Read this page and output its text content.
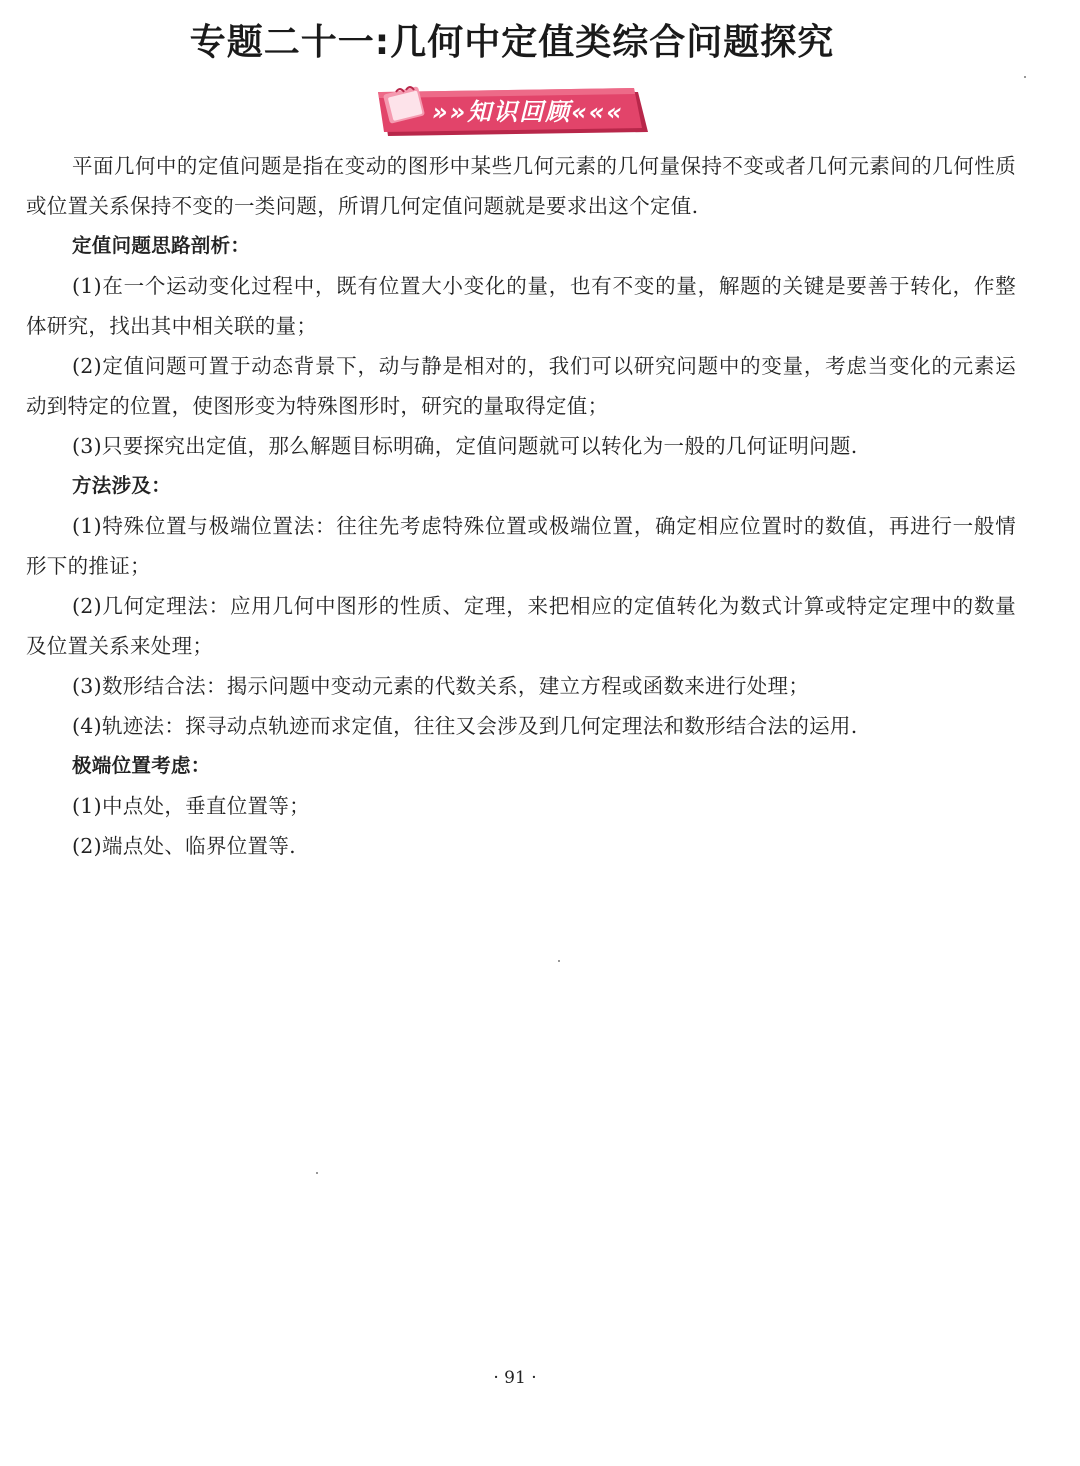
专题二十一:几何中定值类综合问题探究
»»知识回顾«««

平面几何中的定值问题是指在变动的图形中某些几何元素的几何量保持不变或者几何元素间的几何性质或位置关系保持不变的一类问题，所谓几何定值问题就是要求出这个定值.

定值问题思路剖析：

(1)在一个运动变化过程中，既有位置大小变化的量，也有不变的量，解题的关键是要善于转化，作整体研究，找出其中相关联的量；

(2)定值问题可置于动态背景下，动与静是相对的，我们可以研究问题中的变量，考虑当变化的元素运动到特定的位置，使图形变为特殊图形时，研究的量取得定值；

(3)只要探究出定值，那么解题目标明确，定值问题就可以转化为一般的几何证明问题.

方法涉及：

(1)特殊位置与极端位置法：往往先考虑特殊位置或极端位置，确定相应位置时的数值，再进行一般情形下的推证；

(2)几何定理法：应用几何中图形的性质、定理，来把相应的定值转化为数式计算或特定定理中的数量及位置关系来处理；

(3)数形结合法：揭示问题中变动元素的代数关系，建立方程或函数来进行处理；

(4)轨迹法：探寻动点轨迹而求定值，往往又会涉及到几何定理法和数形结合法的运用.

极端位置考虑：

(1)中点处，垂直位置等；

(2)端点处、临界位置等.

· 91 ·
